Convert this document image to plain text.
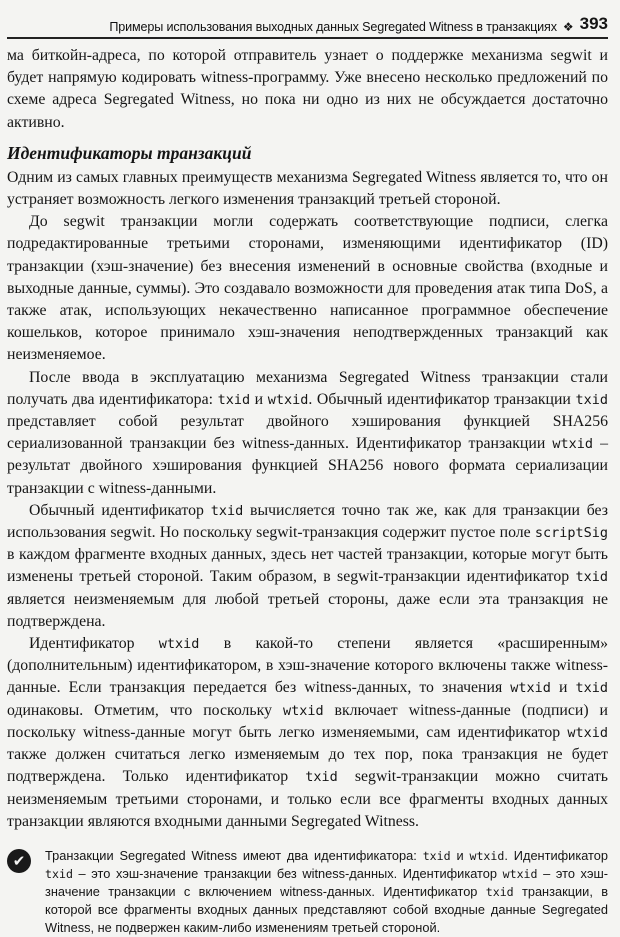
Примеры использования выходных данных Segregated Witness в транзакциях ❖ 393

ма биткойн-адреса, по которой отправитель узнает о поддержке механизма segwit и будет напрямую кодировать witness-программу. Уже внесено несколько предложений по схеме адреса Segregated Witness, но пока ни одно из них не обсуждается достаточно активно.

Идентификаторы транзакций

Одним из самых главных преимуществ механизма Segregated Witness является то, что он устраняет возможность легкого изменения транзакций третьей стороной.

До segwit транзакции могли содержать соответствующие подписи, слегка подредактированные третьими сторонами, изменяющими идентификатор (ID) транзакции (хэш-значение) без внесения изменений в основные свойства (входные и выходные данные, суммы). Это создавало возможности для проведения атак типа DoS, а также атак, использующих некачественно написанное программное обеспечение кошельков, которое принимало хэш-значения неподтвержденных транзакций как неизменяемое.

После ввода в эксплуатацию механизма Segregated Witness транзакции стали получать два идентификатора: txid и wtxid. Обычный идентификатор транзакции txid представляет собой результат двойного хэширования функцией SHA256 сериализованной транзакции без witness-данных. Идентификатор транзакции wtxid – результат двойного хэширования функцией SHA256 нового формата сериализации транзакции с witness-данными.

Обычный идентификатор txid вычисляется точно так же, как для транзакции без использования segwit. Но поскольку segwit-транзакция содержит пустое поле scriptSig в каждом фрагменте входных данных, здесь нет частей транзакции, которые могут быть изменены третьей стороной. Таким образом, в segwit-транзакции идентификатор txid является неизменяемым для любой третьей стороны, даже если эта транзакция не подтверждена.

Идентификатор wtxid в какой-то степени является «расширенным» (дополнительным) идентификатором, в хэш-значение которого включены также witness-данные. Если транзакция передается без witness-данных, то значения wtxid и txid одинаковы. Отметим, что поскольку wtxid включает witness-данные (подписи) и поскольку witness-данные могут быть легко изменяемыми, сам идентификатор wtxid также должен считаться легко изменяемым до тех пор, пока транзакция не будет подтверждена. Только идентификатор txid segwit-транзакции можно считать неизменяемым третьими сторонами, и только если все фрагменты входных данных транзакции являются входными данными Segregated Witness.

✔	Транзакции Segregated Witness имеют два идентификатора: txid и wtxid. Идентификатор txid – это хэш-значение транзакции без witness-данных. Идентификатор wtxid – это хэш-значение транзакции с включением witness-данных. Идентификатор txid транзакции, в которой все фрагменты входных данных представляют собой входные данные Segregated Witness, не подвержен каким-либо изменениям третьей стороной.
